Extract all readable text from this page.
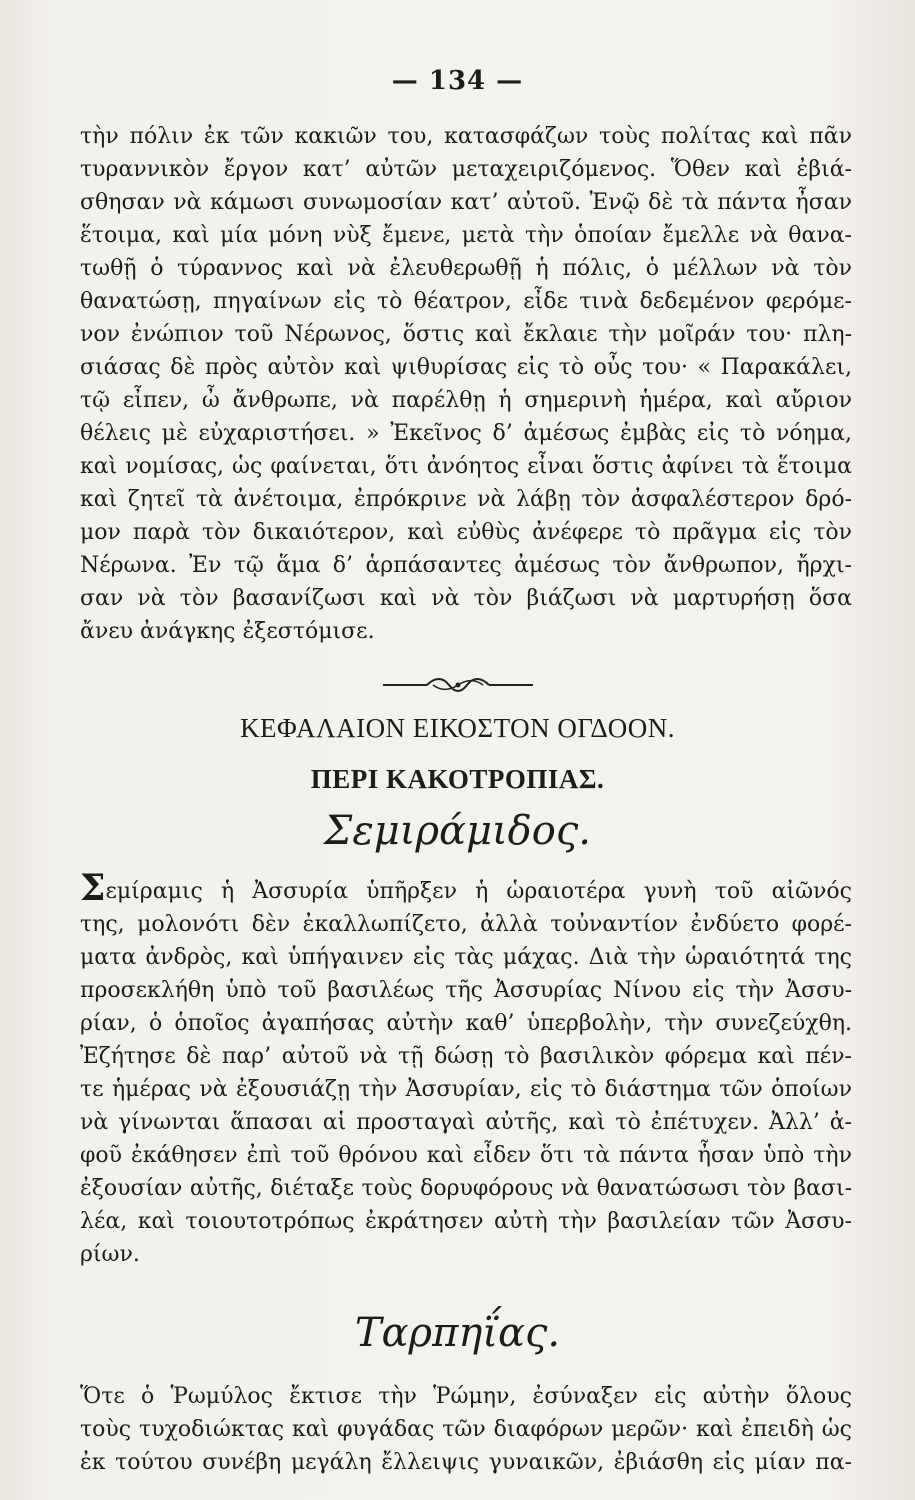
— 134 —
τὴν πόλιν ἐκ τῶν κακιῶν του, κατασφάζων τοὺς πολίτας καὶ πᾶν
τυραννικὸν ἔργον κατ’ αὐτῶν μεταχειριζόμενος. Ὅθεν καὶ ἐβιά-
σθησαν νὰ κάμωσι συνωμοσίαν κατ’ αὐτοῦ. Ἐνῷ δὲ τὰ πάντα ἦσαν
ἕτοιμα, καὶ μία μόνη νὺξ ἔμενε, μετὰ τὴν ὁποίαν ἔμελλε νὰ θανα-
τωθῇ ὁ τύραννος καὶ νὰ ἐλευθερωθῇ ἡ πόλις, ὁ μέλλων νὰ τὸν
θανατώσῃ, πηγαίνων εἰς τὸ θέατρον, εἶδε τινὰ δεδεμένον φερόμε-
νον ἐνώπιον τοῦ Νέρωνος, ὅστις καὶ ἔκλαιε τὴν μοῖράν του· πλη-
σιάσας δὲ πρὸς αὐτὸν καὶ ψιθυρίσας εἰς τὸ οὖς του· « Παρακάλει,
τῷ εἶπεν, ὦ ἄνθρωπε, νὰ παρέλθῃ ἡ σημερινὴ ἡμέρα, καὶ αὔριον
θέλεις μὲ εὐχαριστήσει. » Ἐκεῖνος δ’ ἀμέσως ἐμβὰς εἰς τὸ νόημα,
καὶ νομίσας, ὡς φαίνεται, ὅτι ἀνόητος εἶναι ὅστις ἀφίνει τὰ ἕτοιμα
καὶ ζητεῖ τὰ ἀνέτοιμα, ἐπρόκρινε νὰ λάβῃ τὸν ἀσφαλέστερον δρό-
μον παρὰ τὸν δικαιότερον, καὶ εὐθὺς ἀνέφερε τὸ πρᾶγμα εἰς τὸν
Νέρωνα. Ἐν τῷ ἅμα δ’ ἁρπάσαντες ἀμέσως τὸν ἄνθρωπον, ἤρχι-
σαν νὰ τὸν βασανίζωσι καὶ νὰ τὸν βιάζωσι νὰ μαρτυρήσῃ ὅσα
ἄνευ ἀνάγκης ἐξεστόμισε.
ΚΕΦΑΛΑΙΟΝ ΕΙΚΟΣΤΟΝ ΟΓΔΟΟΝ.
ΠΕΡΙ ΚΑΚΟΤΡΟΠΙΑΣ.
Σεμιράμιδος.
Σεμίραμις ἡ Ἀσσυρία ὑπῆρξεν ἡ ὡραιοτέρα γυνὴ τοῦ αἰῶνός
της, μολονότι δὲν ἐκαλλωπίζετο, ἀλλὰ τοὐναντίον ἐνδύετο φορέ-
ματα ἀνδρὸς, καὶ ὑπήγαινεν εἰς τὰς μάχας. Διὰ τὴν ὡραιότητά της
προσεκλήθη ὑπὸ τοῦ βασιλέως τῆς Ἀσσυρίας Νίνου εἰς τὴν Ἀσσυ-
ρίαν, ὁ ὁποῖος ἀγαπήσας αὐτὴν καθ’ ὑπερβολὴν, τὴν συνεζεύχθη.
Ἐζήτησε δὲ παρ’ αὐτοῦ νὰ τῇ δώσῃ τὸ βασιλικὸν φόρεμα καὶ πέν-
τε ἡμέρας νὰ ἐξουσιάζῃ τὴν Ἀσσυρίαν, εἰς τὸ διάστημα τῶν ὁποίων
νὰ γίνωνται ἅπασαι αἱ προσταγαὶ αὐτῆς, καὶ τὸ ἐπέτυχεν. Ἀλλ’ ἀ-
φοῦ ἐκάθησεν ἐπὶ τοῦ θρόνου καὶ εἶδεν ὅτι τὰ πάντα ἦσαν ὑπὸ τὴν
ἐξουσίαν αὐτῆς, διέταξε τοὺς δορυφόρους νὰ θανατώσωσι τὸν βασι-
λέα, καὶ τοιουτοτρόπως ἐκράτησεν αὐτὴ τὴν βασιλείαν τῶν Ἀσσυ-
ρίων.
Ταρπηΐας.
Ὅτε ὁ Ῥωμύλος ἔκτισε τὴν Ῥώμην, ἐσύναξεν εἰς αὐτὴν ὅλους
τοὺς τυχοδιώκτας καὶ φυγάδας τῶν διαφόρων μερῶν· καὶ ἐπειδὴ ὡς
ἐκ τούτου συνέβη μεγάλη ἔλλειψις γυναικῶν, ἐβιάσθη εἰς μίαν πα-
